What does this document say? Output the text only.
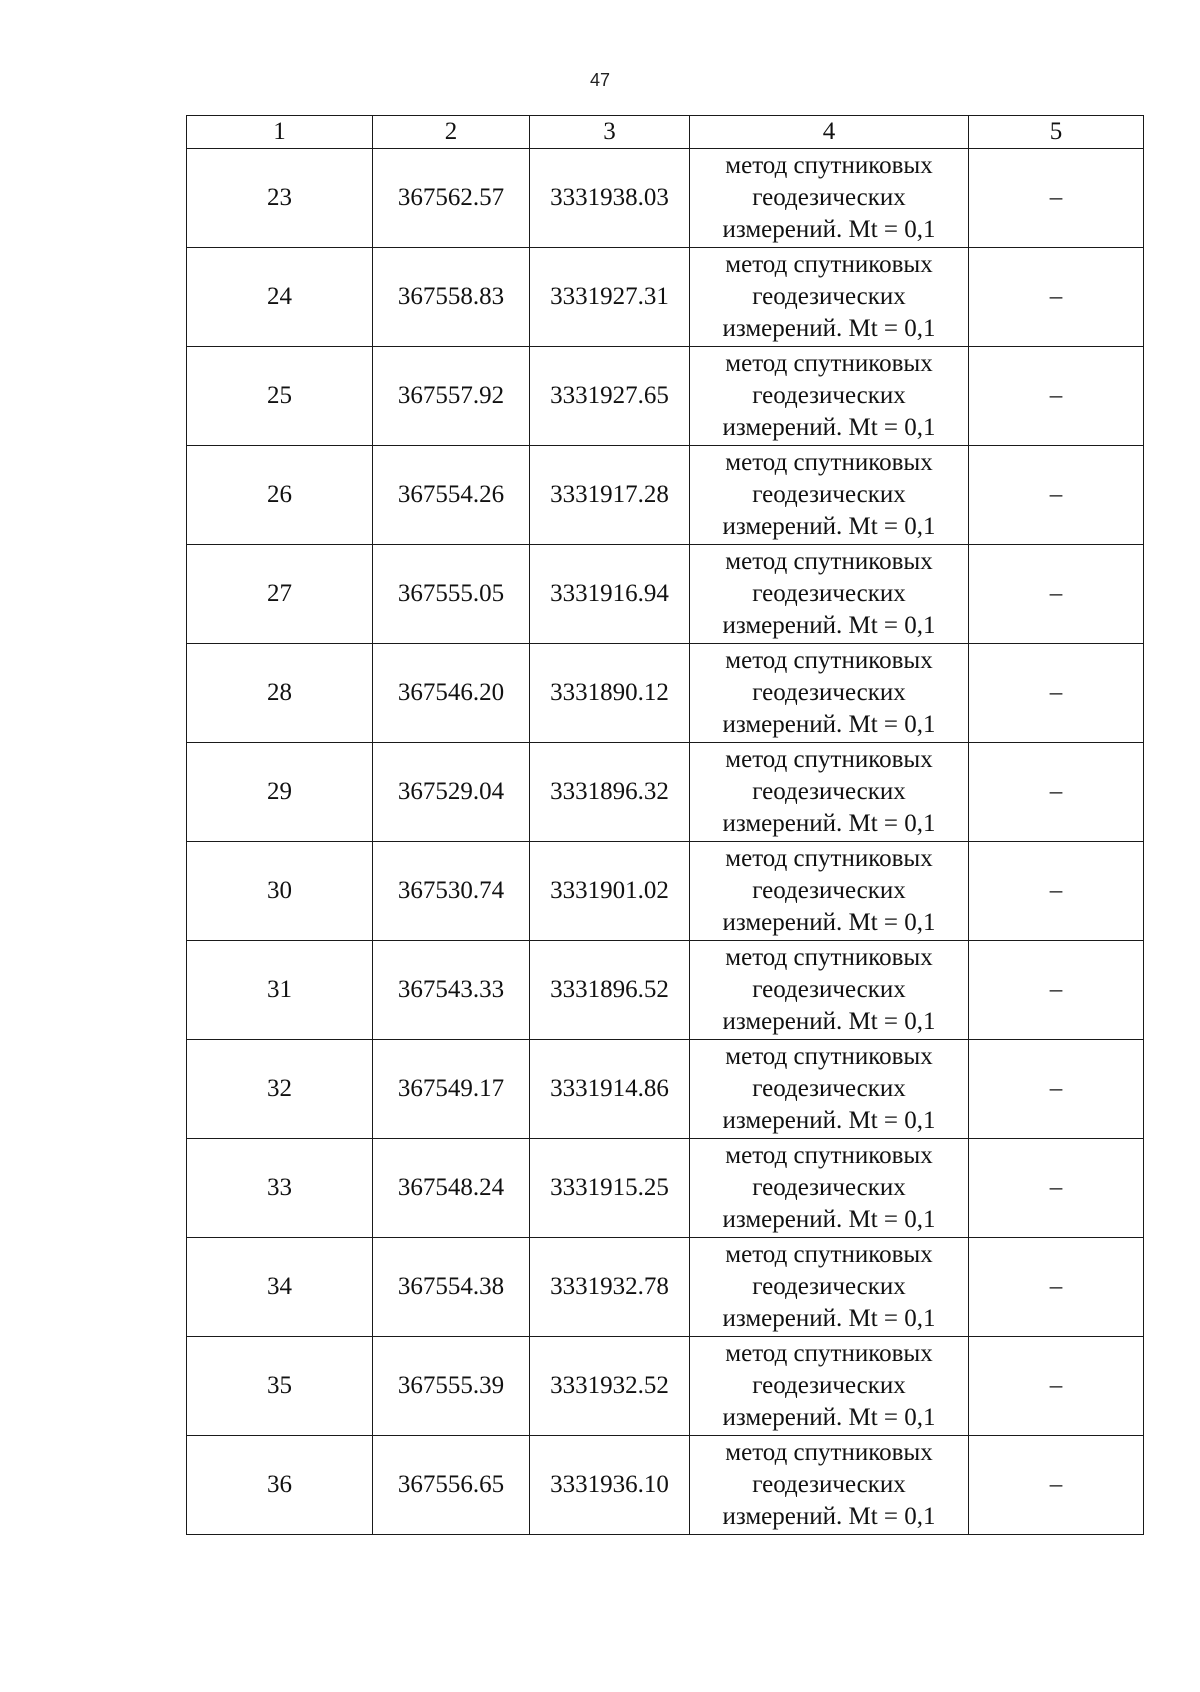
47
1	2	3	4	5
23	367562.57	3331938.03	метод спутниковых
геодезических
измерений. Mt = 0,1	–
24	367558.83	3331927.31	метод спутниковых
геодезических
измерений. Mt = 0,1	–
25	367557.92	3331927.65	метод спутниковых
геодезических
измерений. Mt = 0,1	–
26	367554.26	3331917.28	метод спутниковых
геодезических
измерений. Mt = 0,1	–
27	367555.05	3331916.94	метод спутниковых
геодезических
измерений. Mt = 0,1	–
28	367546.20	3331890.12	метод спутниковых
геодезических
измерений. Mt = 0,1	–
29	367529.04	3331896.32	метод спутниковых
геодезических
измерений. Mt = 0,1	–
30	367530.74	3331901.02	метод спутниковых
геодезических
измерений. Mt = 0,1	–
31	367543.33	3331896.52	метод спутниковых
геодезических
измерений. Mt = 0,1	–
32	367549.17	3331914.86	метод спутниковых
геодезических
измерений. Mt = 0,1	–
33	367548.24	3331915.25	метод спутниковых
геодезических
измерений. Mt = 0,1	–
34	367554.38	3331932.78	метод спутниковых
геодезических
измерений. Mt = 0,1	–
35	367555.39	3331932.52	метод спутниковых
геодезических
измерений. Mt = 0,1	–
36	367556.65	3331936.10	метод спутниковых
геодезических
измерений. Mt = 0,1	–
